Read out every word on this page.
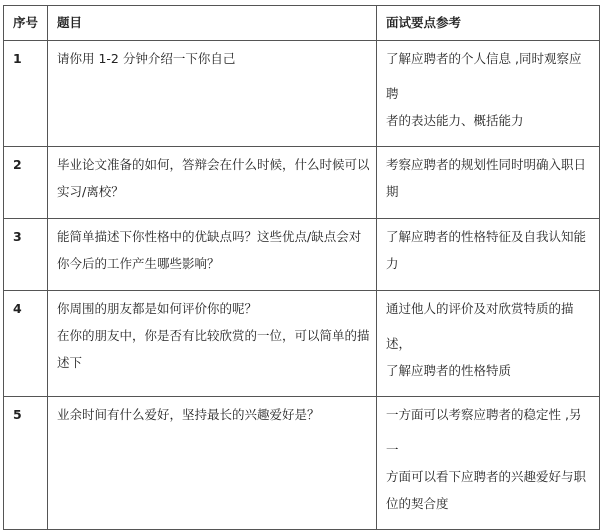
序号	题目	面试要点参考
1	请你用 1-2 分钟介绍一下你自己	了解应聘者的个人信息 ,同时观察应聘
者的表达能力、概括能力

2	毕业论文准备的如何，答辩会在什么时候，什么时候可以
实习/离校？	考察应聘者的规划性同时明确入职日
期

3	能简单描述下你性格中的优缺点吗？这些优点/缺点会对
你今后的工作产生哪些影响？	了解应聘者的性格特征及自我认知能
力

4	你周围的朋友都是如何评价你的呢？
在你的朋友中，你是否有比较欣赏的一位，可以简单的描
述下	通过他人的评价及对欣赏特质的描述，
了解应聘者的性格特质

5	业余时间有什么爱好，坚持最长的兴趣爱好是？	一方面可以考察应聘者的稳定性 ,另一
方面可以看下应聘者的兴趣爱好与职
位的契合度
